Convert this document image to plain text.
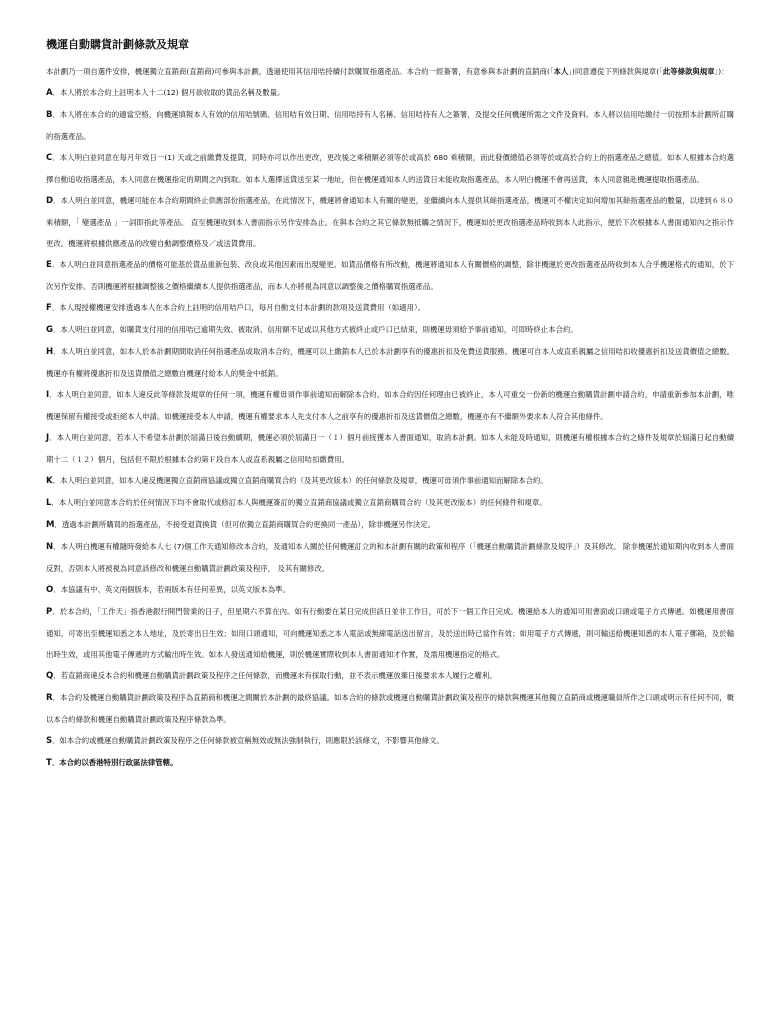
機運自動購貨計劃條款及規章

本計劃乃一項自選件安排，機運獨立直銷商(直銷商)可參與本計劃，透過使用其信用咭持續付款購買指選產品。本合約一經簽署，有意參與本計劃的直銷商(「本人」)同意遵從下列條款與規章(「此等條款與規章」)：

A．本人將於本合約上註明本人十二(12) 個月欲收取的貨品名稱及數量。

B．本人將在本合約的適當空格，向機運填報本人有效的信用咭號碼、信用咭有效日期、信用咭持有人名稱、信用咭持有人之簽署，及提交任何機運所需之文件及資料。本人將以信用咭繳付一切按照本計劃所訂購的指選產品。

C．本人明白並同意在每月年效日一(1) 天或之前繳費及提貨，同時亦可以作出更改，更改後之乘積額必須等於或高於 680 乘積額，而此發價總值必須等於或高於合約上的指選產品之總值。如本人根據本合約選擇自動追收指選產品，本人同意在機運指定的期間之內到取。如本人選擇送貨送至某一地址，但在機運通知本人的送貨日未能收取指選產品，本人明白機運不會再送貨，本人同意親赴機運提取指選產品。

D．本人明白並同意，機運可能在本合約期間終止供應部份指選產品，在此情況下，機運將會通知本人有關的變更，並繼續向本人提供其餘指選產品，機運可不權決定如何增加其餘指選產品的數量，以達到６８０乘積額，「 變選產品 」一詞即指此等產品。 直至機運收到本人書面指示另作安排為止。在與本合約之其它條款無抵觸之情況下，機運如於更改指選產品時收到本人此指示，便於下次根據本人書面通知內之指示作更改。機運將根據供應產品的改變自動調整價格及／或送貨費用。

E．本人明白並同意指選產品的價格可能基於貨品重新包裝、改良或其他因素而出現變更。如貨品價格有所改動，機運將通知本人有關價格的調整，除非機運於更改指選產品時收到本人合乎機運格式的通知，於下次另作安排。否則機運將根據調整後之價格繼續本人提供指選產品，而本人亦將視為同意以調整後之價格購買指選產品。

F．本人現授權機運安排透過本人在本合約上註明的信用咭戶口，每月自動支付本計劃的款項及送貨費用（如適用）。

G．本人明白並同意，如購貨支付用的信用咭已逾期失效、被取消、信用額不足或以其他方式被終止或戶口已結束，則機運毋須給予事前通知，可即時終止本合約。

H．本人明白並同意，如本人於本計劃期間取消任何指選產品或取消本合約，機運可以上繳銷本人已於本計劃享有的優惠折扣及免費送貨服務。機運可自本人或直系親屬之信用咭扣收優惠折扣及送貨價值之總數。機運亦有權將優惠折扣及送貨價值之總數自機運付給本人的獎金中抵銷。

I．本人明白並同意，如本人違反此等條款及規章的任何一項，機運有權毋須作事前通知而解除本合約。如本合約因任何理由已被終止，本人可重交一份新的機運自動購貨計劃申請合約，申請重新參加本計劃，唯機運保留有權接受或拒絕本人申請。如機運接受本人申請，機運有權要求本人先支付本人之前享有的優惠折扣及送貨價值之總數，機運亦有不繼額外要求本人符合其他條件。

J．本人明白並同意，若本人不希望本計劃於屆滿日後自動續期，機運必須於屆滿日一（１）個月前接獲本人書面通知，取消本計劃。如本人未能及時通知，則機運有權根據本合約之條件及規章於屆滿日起自動續期十二（１２）個月，包括但不限於根據本合約第Ｆ段自本人或直系親屬之信用咭扣繳費用。

K．本人明白並同意，如本人違反機運獨立直銷商協議或獨立直銷商購買合約（及其更改版本）的任何條款及規章，機運可毋須作事前通知而解除本合約。

L．本人明白並同意本合約於任何情況下均不會取代或修訂本人與機運簽訂的獨立直銷商協議或獨立直銷商購買合約（及其更改版本）的任何條件和規章。

M．透過本計劃所購買的指選產品，不接受退貨換貨（但可依獨立直銷商購買合約更換同一產品），除非機運另作決定。

N．本人明白機運有權隨時發給本人七 (7)個工作天通知修改本合約，及通知本人關於任何機運訂立的和本計劃有關的政策和程序（「機運自動購貨計劃條款及規序」）及其修改。 除非機運於通知期內收到本人書面反對，否則本人將被視為同意該修改和機運自動購貨計劃政策及程序， 及其有關修改。

O．本協議有中、英文兩個版本，若兩版本有任何差異，以英文版本為準。

P．於本合約，「工作天」指香港銀行開門營業的日子，但星期六不算在內。如有行動要在某日完成但該日並非工作日，可於下一個工作日完成。機運給本人的通知可用書面或口頭或電子方式傳遞。如機運用書面通知，可寄出至機運知悉之本人地址，及於寄出日生效；如用口頭通知，可向機運知悉之本人電話或無線電話送出留言，及於送出時已當作有效；如用電子方式傳遞，則可輸送給機運知悉的本人電子郵箱，及於輸出時生效，或用其他電子傳遞的方式輸出時生效。如本人發送通知給機運，則於機運實際收到本人書面通知才作實，及需用機運指定的格式。

Q．若直銷商違反本合約和機運自動購貨計劃政策及程序之任何條款，而機運未有採取行動，並不表示機運放棄日後要求本人履行之權利。

R．本合約及機運自動購貨計劃政策及程序為直銷商和機運之間關於本計劃的最終協議。如本合約的條款或機運自動購貨計劃政策及程序的條款與機運其他獨立直銷商或機運職員所作之口頭或明示有任何不同，概以本合約條款和機運自動購貨計劃政策及程序條款為準。

S．如本合約或機運自動購貨計劃政策及程序之任何條款被宣稱無效或無法強制執行，則應限於該條文，不影響其他條文。

T．本合約以香港特別行政區法律管轄。
